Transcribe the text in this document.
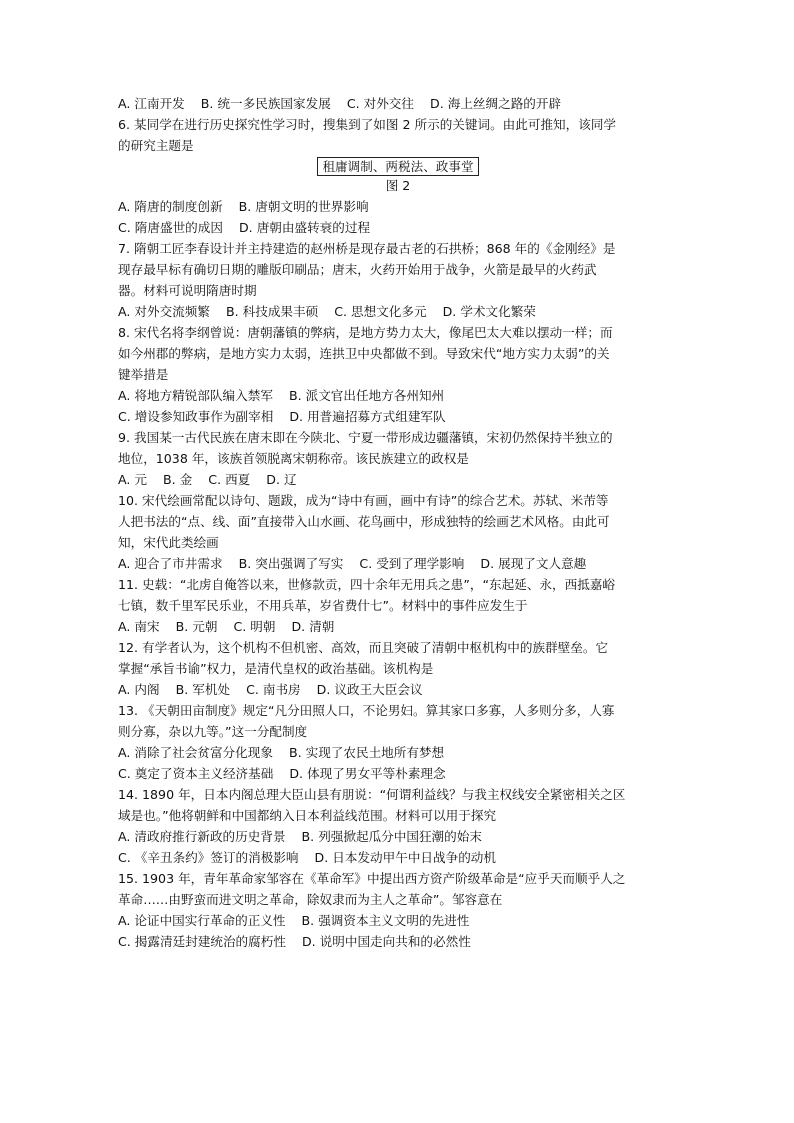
A. 江南开发 B. 统一多民族国家发展 C. 对外交往 D. 海上丝绸之路的开辟
6. 某同学在进行历史探究性学习时，搜集到了如图 2 所示的关键词。由此可推知，该同学
的研究主题是
租庸调制、两税法、政事堂
图 2
A. 隋唐的制度创新 B. 唐朝文明的世界影响
C. 隋唐盛世的成因 D. 唐朝由盛转衰的过程
7. 隋朝工匠李春设计并主持建造的赵州桥是现存最古老的石拱桥；868 年的《金刚经》是
现存最早标有确切日期的雕版印刷品；唐末，火药开始用于战争，火箭是最早的火药武
器。材料可说明隋唐时期
A. 对外交流频繁 B. 科技成果丰硕 C. 思想文化多元 D. 学术文化繁荣
8. 宋代名将李纲曾说：唐朝藩镇的弊病，是地方势力太大，像尾巴太大难以摆动一样；而
如今州郡的弊病，是地方实力太弱，连拱卫中央都做不到。导致宋代“地方实力太弱”的关
键举措是
A. 将地方精锐部队编入禁军 B. 派文官出任地方各州知州
C. 增设参知政事作为副宰相 D. 用普遍招募方式组建军队
9. 我国某一古代民族在唐末即在今陕北、宁夏一带形成边疆藩镇，宋初仍然保持半独立的
地位，1038 年，该族首领脱离宋朝称帝。该民族建立的政权是
A. 元 B. 金 C. 西夏 D. 辽
10. 宋代绘画常配以诗句、题跋，成为“诗中有画，画中有诗”的综合艺术。苏轼、米芾等
人把书法的“点、线、面”直接带入山水画、花鸟画中，形成独特的绘画艺术风格。由此可
知，宋代此类绘画
A. 迎合了市井需求 B. 突出强调了写实 C. 受到了理学影响 D. 展现了文人意趣
11. 史载：“北虏自俺答以来，世修款贡，四十余年无用兵之患”，“东起延、永，西抵嘉峪
七镇，数千里军民乐业，不用兵革，岁省费什七”。材料中的事件应发生于
A. 南宋 B. 元朝 C. 明朝 D. 清朝
12. 有学者认为，这个机构不但机密、高效，而且突破了清朝中枢机构中的族群壁垒。它
掌握“承旨书谕”权力，是清代皇权的政治基础。该机构是
A. 内阁 B. 军机处 C. 南书房 D. 议政王大臣会议
13. 《天朝田亩制度》规定“凡分田照人口，不论男妇。算其家口多寡，人多则分多，人寡
则分寡，杂以九等。”这一分配制度
A. 消除了社会贫富分化现象 B. 实现了农民土地所有梦想
C. 奠定了资本主义经济基础 D. 体现了男女平等朴素理念
14. 1890 年，日本内阁总理大臣山县有朋说：“何谓利益线？与我主权线安全紧密相关之区
域是也。”他将朝鲜和中国都纳入日本利益线范围。材料可以用于探究
A. 清政府推行新政的历史背景 B. 列强掀起瓜分中国狂潮的始末
C. 《辛丑条约》签订的消极影响 D. 日本发动甲午中日战争的动机
15. 1903 年，青年革命家邹容在《革命军》中提出西方资产阶级革命是“应乎天而顺乎人之
革命……由野蛮而进文明之革命，除奴隶而为主人之革命”。邹容意在
A. 论证中国实行革命的正义性 B. 强调资本主义文明的先进性
C. 揭露清廷封建统治的腐朽性 D. 说明中国走向共和的必然性
